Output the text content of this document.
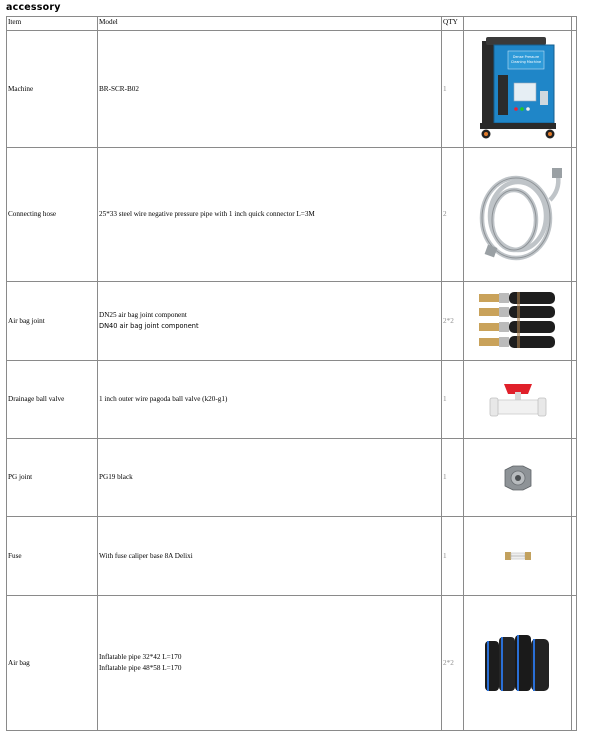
accessory
Item	Model	QTY		
Machine	BR-SCR-B02	1	Dense Pressure
Cleaning Machine	

Connecting hose	25*33 steel wire negative pressure pipe with 1 inch quick connector L=3M	2	

Air bag joint	DN25 air bag joint component
DN40 air bag joint component	2*2	

Drainage ball valve	1 inch outer wire pagoda ball valve (k20-g1)	1	

PG joint	PG19 black	1	

Fuse	With fuse caliper base 8A Delixi	1	

Air bag	Inflatable pipe 32*42 L=170
Inflatable pipe 48*58 L=170	2*2	
